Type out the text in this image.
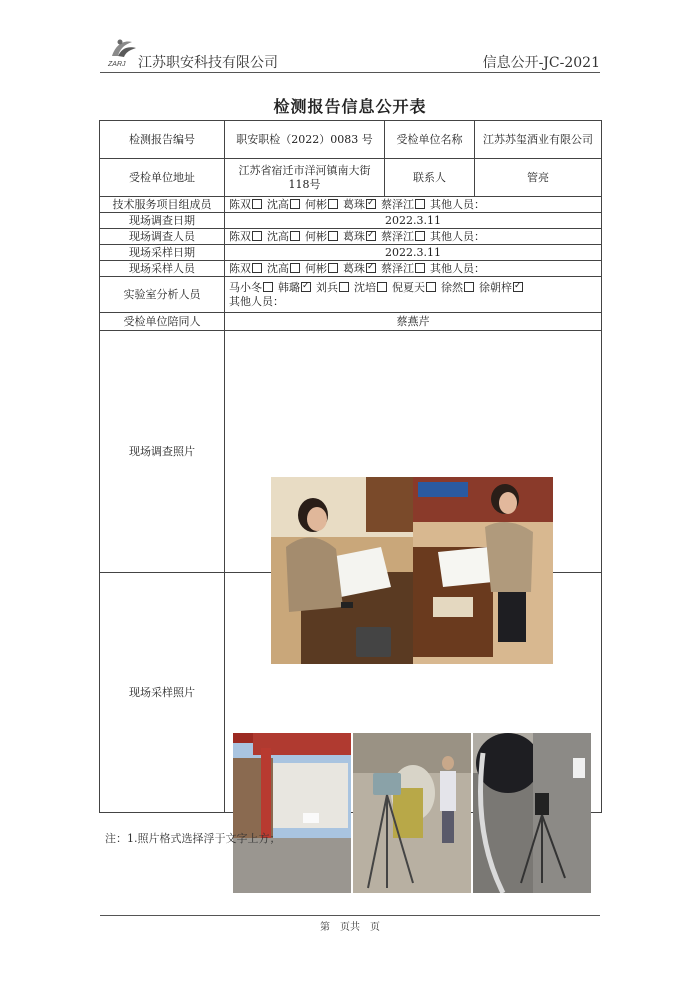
ZARJ 江苏职安科技有限公司	信息公开-JC-2021
检测报告信息公开表
检测报告编号	职安职检（2022）0083 号	受检单位名称	江苏苏玺酒业有限公司
受检单位地址	江苏省宿迁市洋河镇南大街118号	联系人	管亮
技术服务项目组成员	陈双 沈高 何彬 葛珠 ✓ 蔡泽江 其他人员：
现场调查日期	2022.3.11		
现场调查人员	陈双 沈高 何彬 葛珠 ✓ 蔡泽江 其他人员：
现场采样日期	2022.3.11		
现场采样人员	陈双 沈高 何彬 葛珠 ✓ 蔡泽江 其他人员：
实验室分析人员	马小冬 韩璐 ✓ 刘兵 沈培 倪夏天 徐然 徐朝梓✓
其他人员：
受检单位陪同人	蔡燕芹		
现场调查照片	

现场采样照片	
注：1.照片格式选择浮于文字上方；
第　页共　页
